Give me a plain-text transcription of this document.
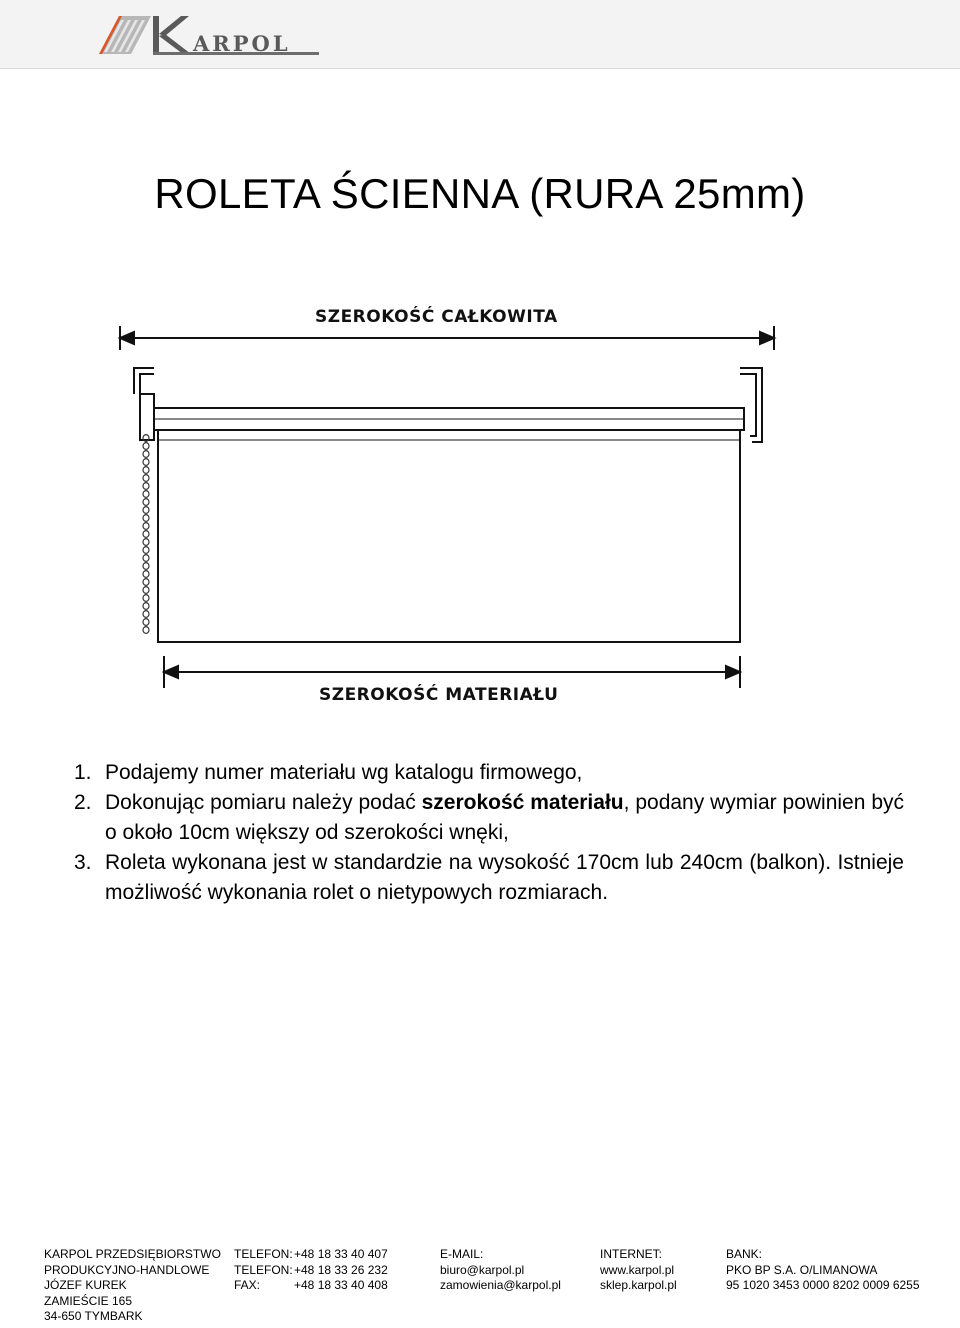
ARPOL
ROLETA ŚCIENNA (RURA 25mm)
SZEROKOŚĆ CAŁKOWITA
SZEROKOŚĆ MATERIAŁU
1. Podajemy numer materiału wg katalogu firmowego,
2. Dokonując pomiaru należy podać szerokość materiału, podany wymiar powinien być o około 10cm większy od szerokości wnęki,
3. Roleta wykonana jest w standardzie na wysokość 170cm lub 240cm (balkon). Istnieje możliwość wykonania rolet o nietypowych rozmiarach.
KARPOL PRZEDSIĘBIORSTWO
PRODUKCYJNO-HANDLOWE
JÓZEF KUREK
ZAMIEŚCIE 165
34-650 TYMBARK
TELEFON:+48 18 33 40 407
TELEFON:+48 18 33 26 232
FAX:	+48 18 33 40 408
E-MAIL:
biuro@karpol.pl
zamowienia@karpol.pl
INTERNET:
www.karpol.pl
sklep.karpol.pl
BANK:
PKO BP S.A. O/LIMANOWA
95 1020 3453 0000 8202 0009 6255
